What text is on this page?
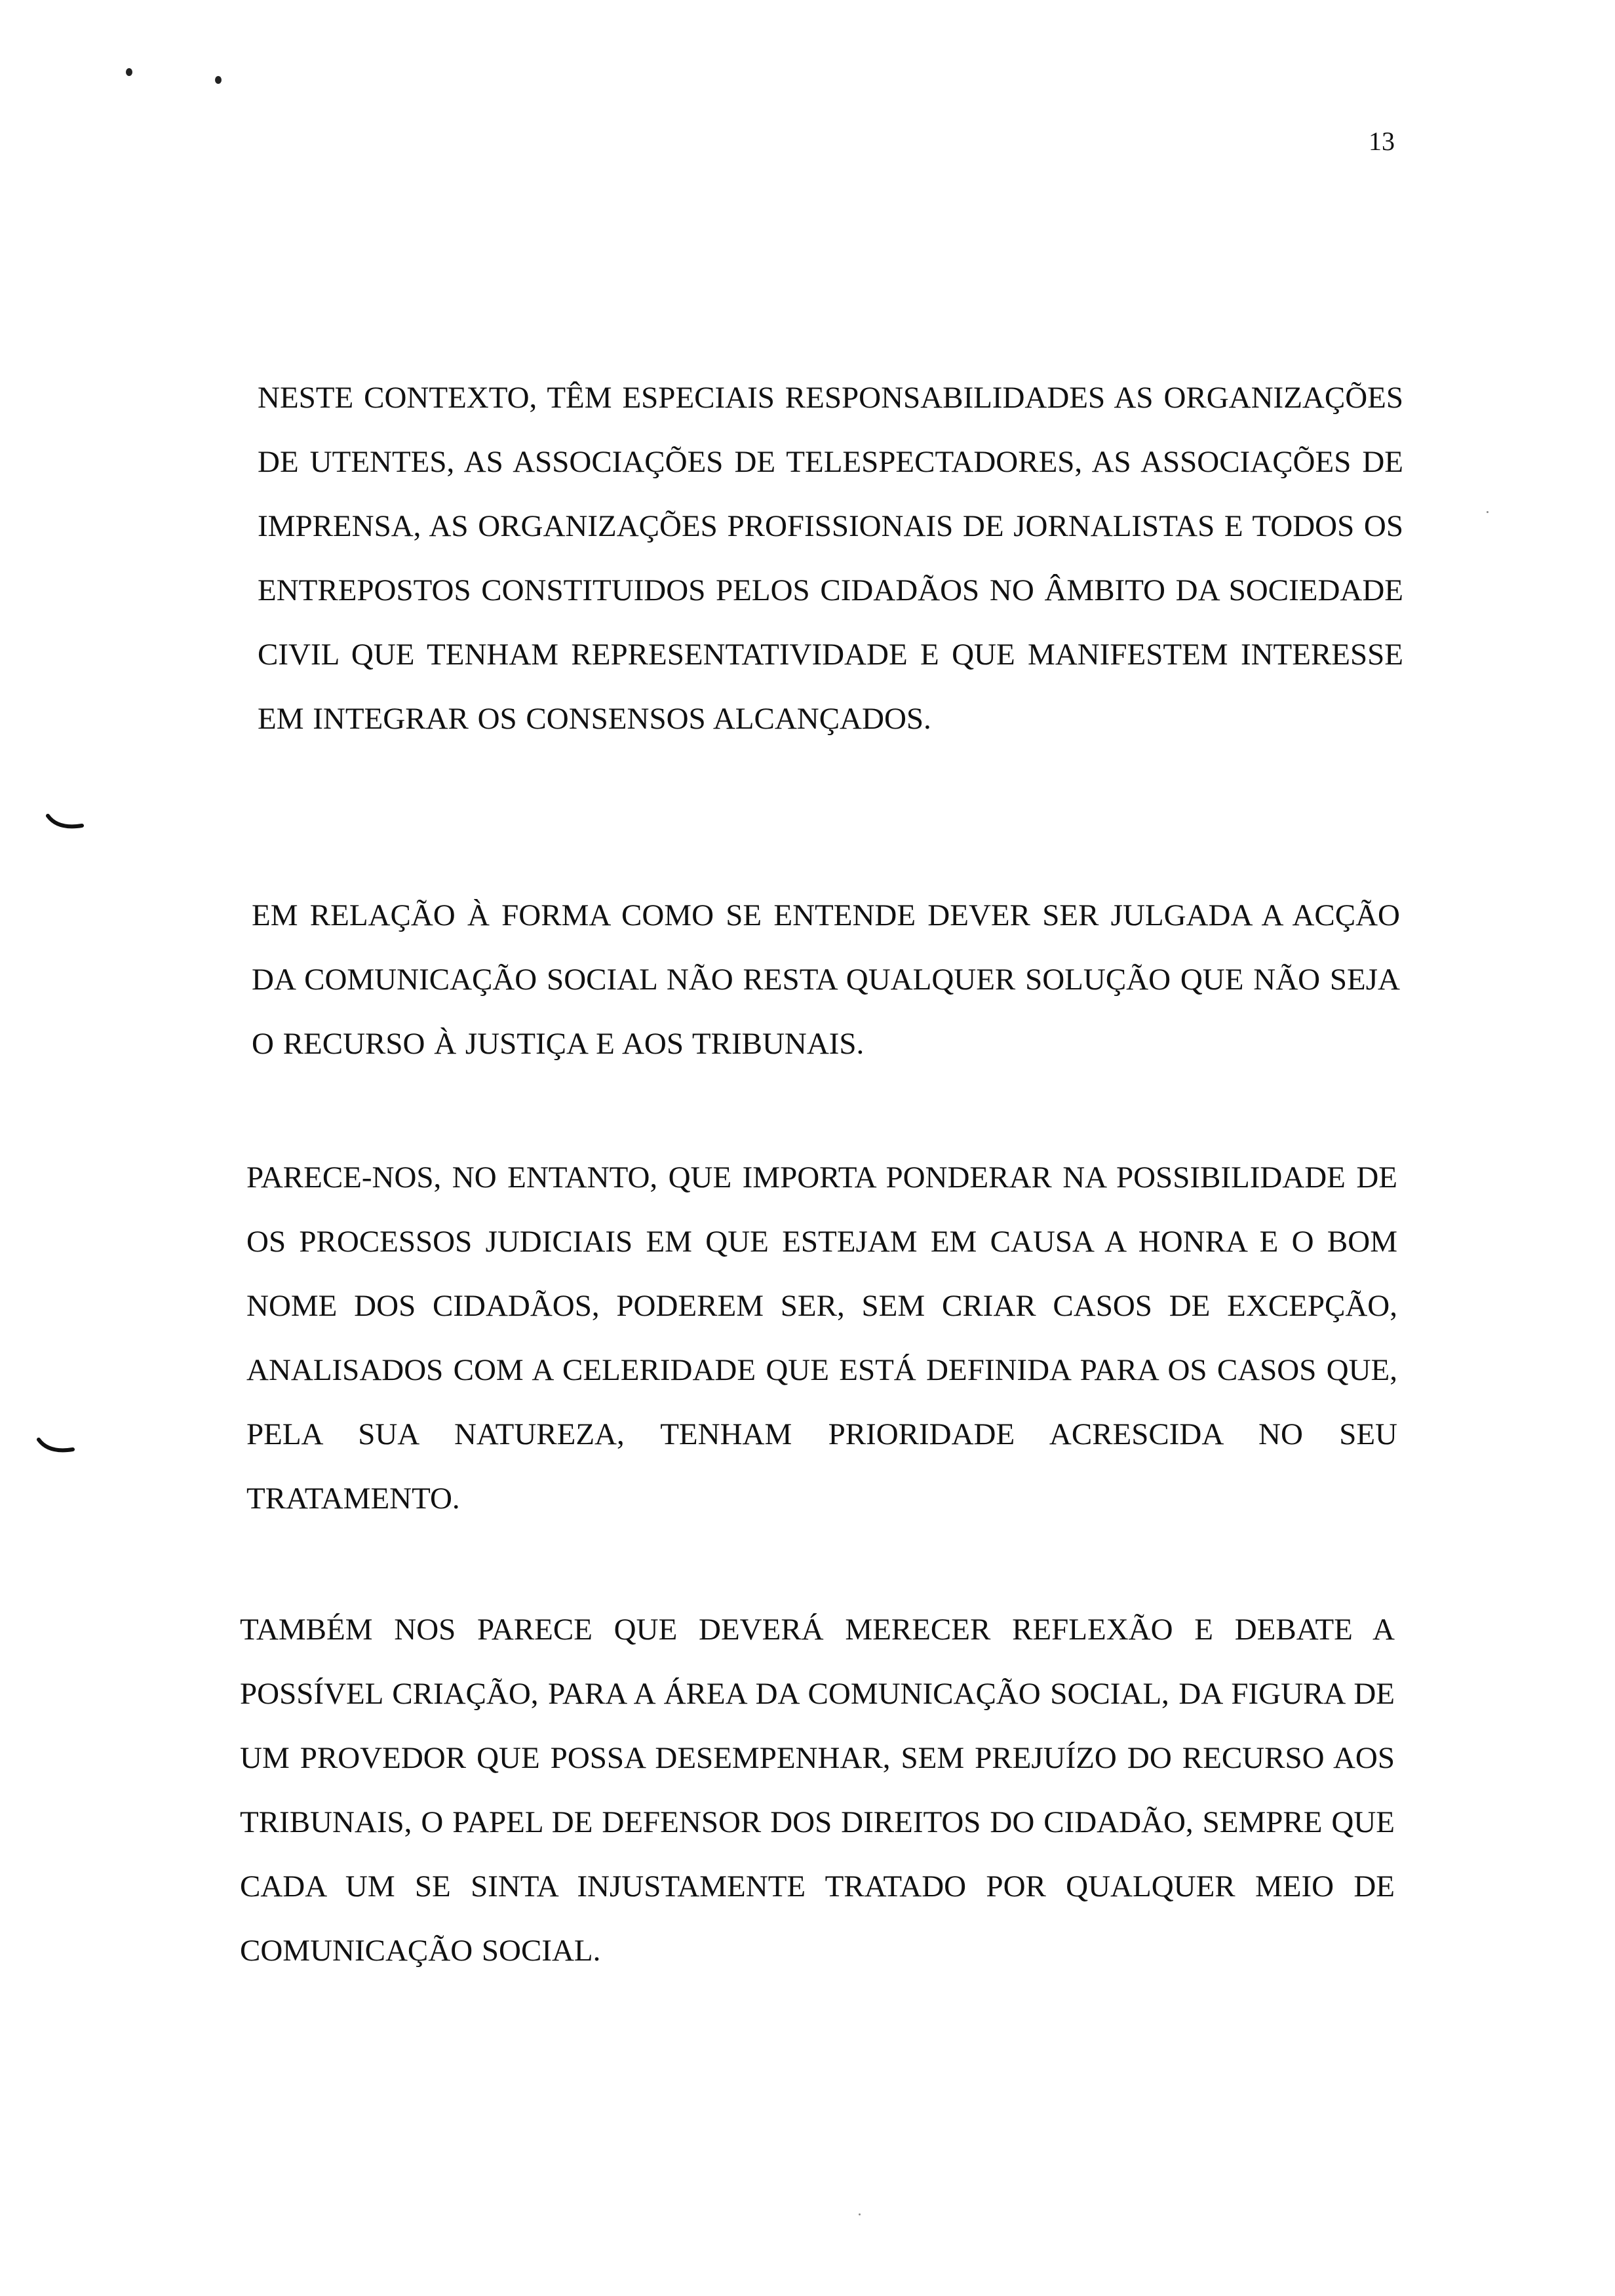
13

NESTE CONTEXTO, TÊM ESPECIAIS RESPONSABILIDADES AS ORGANIZAÇÕES DE UTENTES, AS ASSOCIAÇÕES DE TELESPECTADORES, AS ASSOCIAÇÕES DE IMPRENSA, AS ORGANIZAÇÕES PROFISSIONAIS DE JORNALISTAS E TODOS OS ENTREPOSTOS CONSTITUIDOS PELOS CIDADÃOS NO ÂMBITO DA SOCIEDADE CIVIL QUE TENHAM REPRESENTATIVIDADE E QUE MANIFESTEM INTERESSE EM INTEGRAR OS CONSENSOS ALCANÇADOS.

EM RELAÇÃO À FORMA COMO SE ENTENDE DEVER SER JULGADA A ACÇÃO DA COMUNICAÇÃO SOCIAL NÃO RESTA QUALQUER SOLUÇÃO QUE NÃO SEJA O RECURSO À JUSTIÇA E AOS TRIBUNAIS.

PARECE-NOS, NO ENTANTO, QUE IMPORTA PONDERAR NA POSSIBILIDADE DE OS PROCESSOS JUDICIAIS EM QUE ESTEJAM EM CAUSA A HONRA E O BOM NOME DOS CIDADÃOS, PODEREM SER, SEM CRIAR CASOS DE EXCEPÇÃO, ANALISADOS COM A CELERIDADE QUE ESTÁ DEFINIDA PARA OS CASOS QUE, PELA SUA NATUREZA, TENHAM PRIORIDADE ACRESCIDA NO SEU TRATAMENTO.

TAMBÉM NOS PARECE QUE DEVERÁ MERECER REFLEXÃO E DEBATE A POSSÍVEL CRIAÇÃO, PARA A ÁREA DA COMUNICAÇÃO SOCIAL, DA FIGURA DE UM PROVEDOR QUE POSSA DESEMPENHAR, SEM PREJUÍZO DO RECURSO AOS TRIBUNAIS, O PAPEL DE DEFENSOR DOS DIREITOS DO CIDADÃO, SEMPRE QUE CADA UM SE SINTA INJUSTAMENTE TRATADO POR QUALQUER MEIO DE COMUNICAÇÃO SOCIAL.
